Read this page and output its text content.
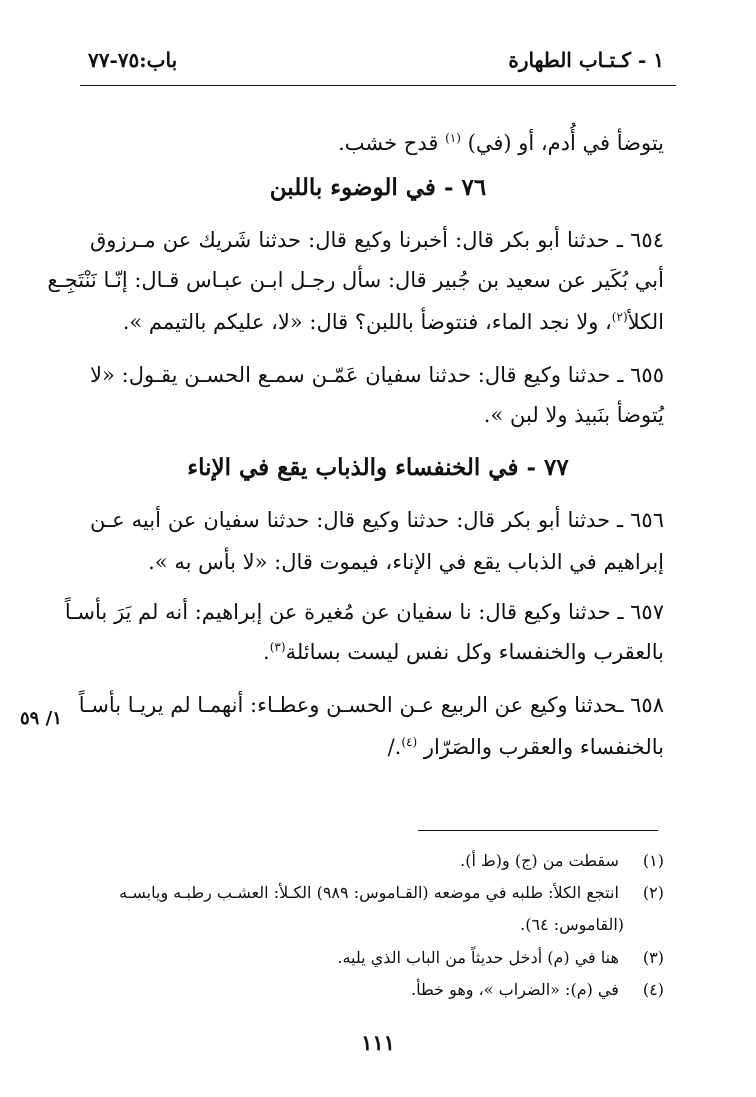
١ - كـتـاب الطهارة
باب:٧٥-٧٧
يتوضأ في أُدم، أو (في) $^{(١)}$ قدح خشب.
٧٦ - في الوضوء باللبن
٦٥٤ ـ حدثنا أبو بكر قال: أخبرنا وكيع قال: حدثنا شَريك عن مـرزوق
أبي بُكَير عن سعيد بن جُبير قال: سأل رجـل ابـن عبـاس قـال: إنّـا نَنْتَجِـع
الكلأ$^{(٢)}$، ولا نجد الماء، فنتوضأ باللبن؟ قال: «لا، عليكم بالتيمم ».
٦٥٥ ـ حدثنا وكيع قال: حدثنا سفيان عَمّـن سمـع الحسـن يقـول: «لا
يُتوضأ بنَبيذ ولا لبن ».
٧٧ - في الخنفساء والذباب يقع في الإناء
٦٥٦ ـ حدثنا أبو بكر قال: حدثنا وكيع قال: حدثنا سفيان عن أبيه عـن
إبراهيم في الذباب يقع في الإناء، فيموت قال: «لا بأس به ».
٦٥٧ ـ حدثنا وكيع قال: نا سفيان عن مُغيرة عن إبراهيم: أنه لم يَرَ بأسـاً
بالعقرب والخنفساء وكل نفس ليست بسائلة$^{(٣)}$.
٦٥٨ ـحدثنا وكيع عن الربيع عـن الحسـن وعطـاء: أنهمـا لم يريـا بأسـاً
بالخنفساء والعقرب والصَرّار $^{(٤)}$./
١/ ٥٩
(١) سقطت من (ج) و(ط أ).
(٢) انتجع الكلأ: طلبه في موضعه (القـاموس: ٩٨٩) الكـلأ: العشـب رطبـه ويابسـه
(القاموس: ٦٤).
(٣) هنا في (م) أدخل حديثاً من الباب الذي يليه.
(٤) في (م): «الضراب »، وهو خطأ.
١١١
